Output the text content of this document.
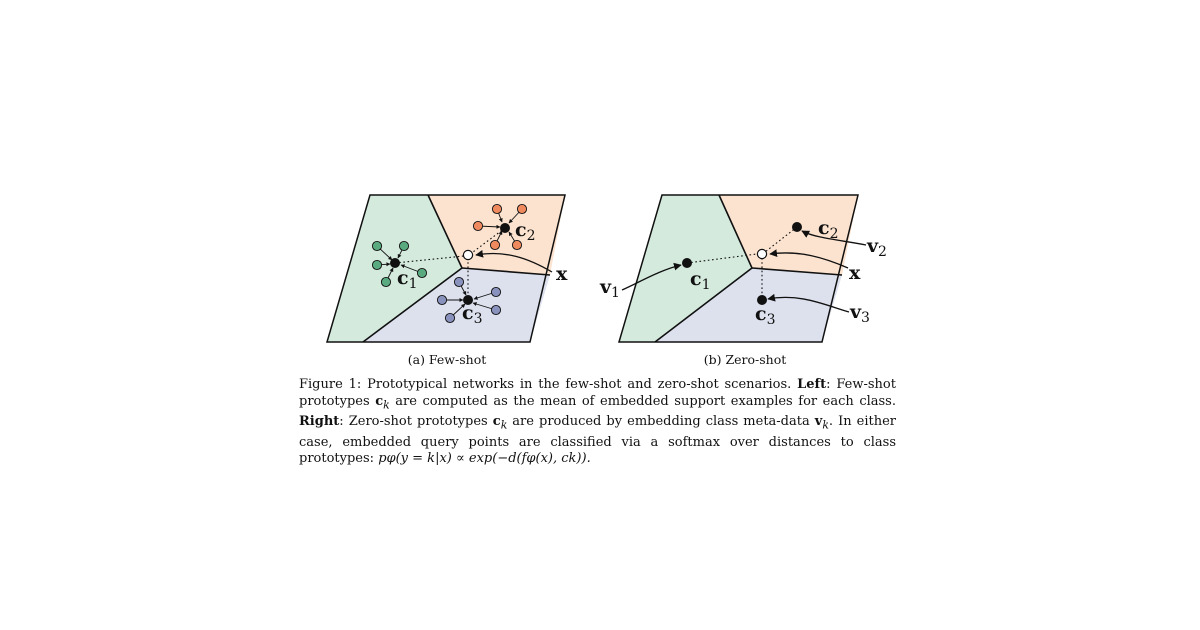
$c_1$
$c_2$
$c_3$
x
(a) Few-shot
$c_1$
$c_2$
$c_3$
x
$v_1$
$v_2$
$v_3$
(b) Zero-shot
Figure 1: Prototypical networks in the few-shot and zero-shot scenarios. Left: Few-shot prototypes $c_k$ are computed as the mean of embedded support examples for each class. Right: Zero-shot prototypes $c_k$ are produced by embedding class meta-data $v_k$. In either case, embedded query points are classified via a softmax over distances to class prototypes: pφ(y = k|x) ∝ exp(−d(fφ(x), ck)).
